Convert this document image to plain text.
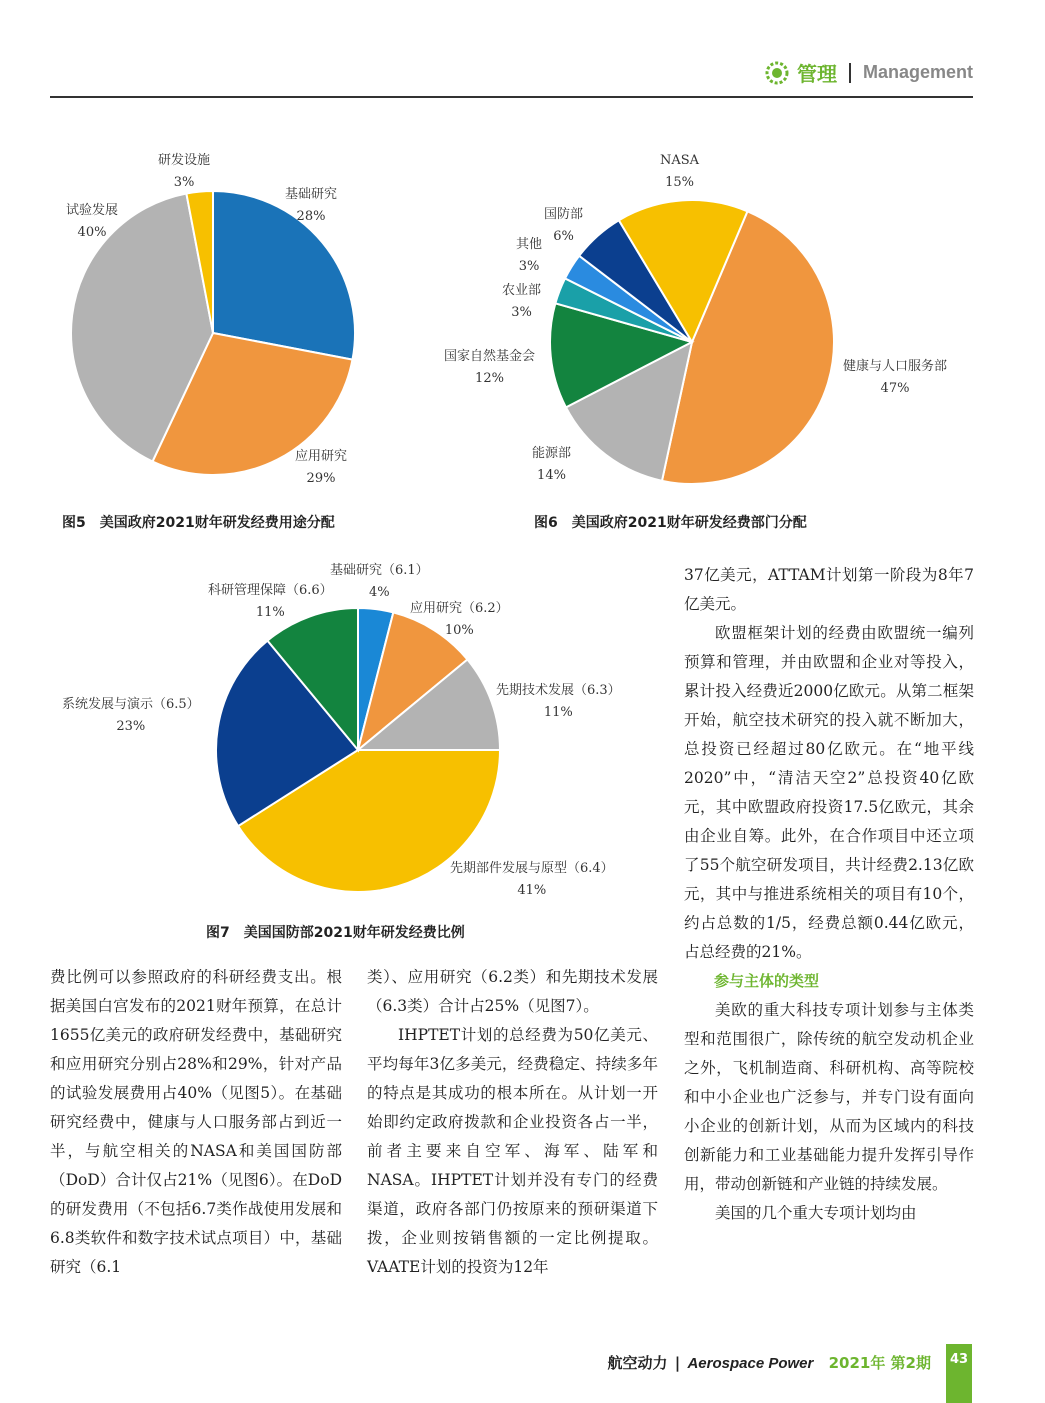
管理 Management
研发设施
3%
基础研究
28%
试验发展
40%
应用研究
29%
图5　美国政府2021财年研发经费用途分配
NASA
15%
国防部
6%
其他
3%
农业部
3%
国家自然基金会
12%
健康与人口服务部
47%
能源部
14%
图6　美国政府2021财年研发经费部门分配
基础研究（6.1）
4%
科研管理保障（6.6）
11%	应用研究（6.2）
10%
先期技术发展（6.3）
11%
系统发展与演示（6.5）
23%
先期部件发展与原型（6.4）
41%
图7　美国国防部2021财年研发经费比例

37亿美元，ATTAM计划第一阶段为8年7亿美元。

欧盟框架计划的经费由欧盟统一编列预算和管理，并由欧盟和企业对等投入，累计投入经费近2000亿欧元。从第二框架开始，航空技术研究的投入就不断加大，总投资已经超过80亿欧元。在“地平线2020”中，“清洁天空2”总投资40亿欧元，其中欧盟政府投资17.5亿欧元，其余由企业自筹。此外，在合作项目中还立项了55个航空研发项目，共计经费2.13亿欧元，其中与推进系统相关的项目有10个，约占总数的1/5，经费总额0.44亿欧元，占总经费的21%。

参与主体的类型

美欧的重大科技专项计划参与主体类型和范围很广，除传统的航空发动机企业之外，飞机制造商、科研机构、高等院校和中小企业也广泛参与，并专门设有面向小企业的创新计划，从而为区域内的科技创新能力和工业基础能力提升发挥引导作用，带动创新链和产业链的持续发展。

美国的几个重大专项计划均由

费比例可以参照政府的科研经费支出。根据美国白宫发布的2021财年预算，在总计1655亿美元的政府研发经费中，基础研究和应用研究分别占28%和29%，针对产品的试验发展费用占40%（见图5）。在基础研究经费中，健康与人口服务部占到近一半，与航空相关的NASA和美国国防部（DoD）合计仅占21%（见图6）。在DoD的研发费用（不包括6.7类作战使用发展和6.8类软件和数字技术试点项目）中，基础研究（6.1

类）、应用研究（6.2类）和先期技术发展（6.3类）合计占25%（见图7）。

IHPTET计划的总经费为50亿美元、平均每年3亿多美元，经费稳定、持续多年的特点是其成功的根本所在。从计划一开始即约定政府拨款和企业投资各占一半，前者主要来自空军、海军、陆军和NASA。IHPTET计划并没有专门的经费渠道，政府各部门仍按原来的预研渠道下拨，企业则按销售额的一定比例提取。VAATE计划的投资为12年

航空动力 | Aerospace Power 2021年 第2期	43
